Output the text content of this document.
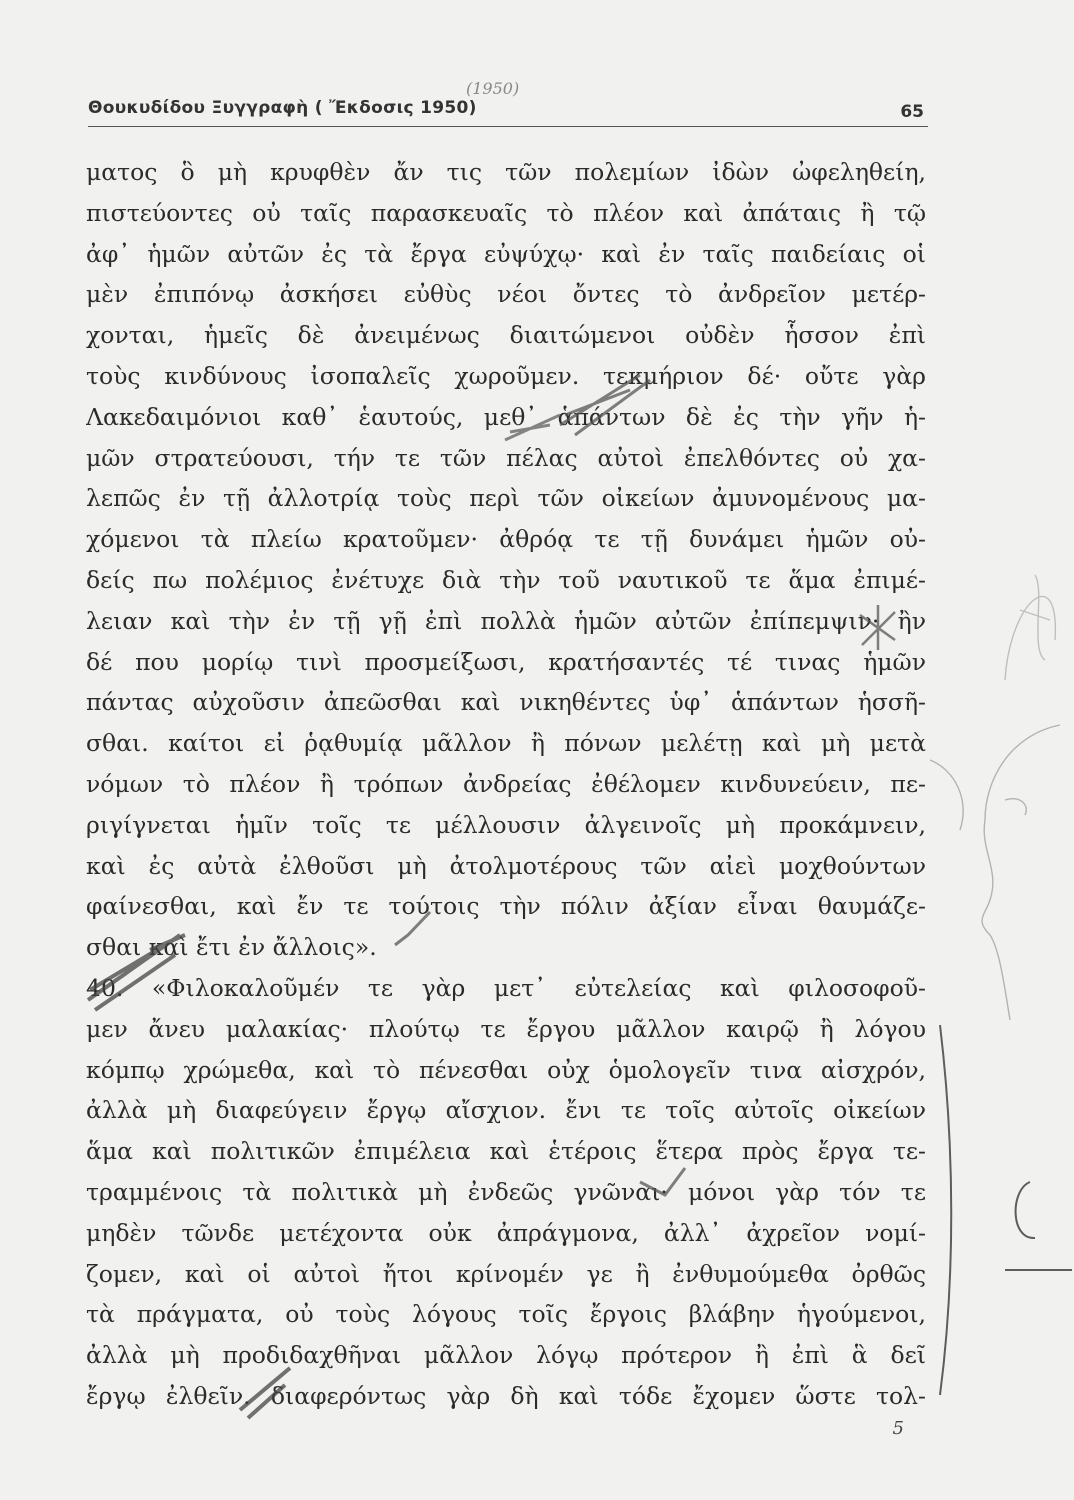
(1950)
Θουκυδίδου Ξυγγραφὴ ( Ἔκδοσις 1950)	65
ματος ὃ μὴ κρυφθὲν ἄν τις τῶν πολεμίων ἰδὼν ὠφεληθείη,
πιστεύοντες οὐ ταῖς παρασκευαῖς τὸ πλέον καὶ ἀπάταις ἢ τῷ
ἀφ᾽ ἡμῶν αὐτῶν ἐς τὰ ἔργα εὐψύχῳ· καὶ ἐν ταῖς παιδείαις οἱ
μὲν ἐπιπόνῳ ἀσκήσει εὐθὺς νέοι ὄντες τὸ ἀνδρεῖον μετέρ-
χονται, ἡμεῖς δὲ ἀνειμένως διαιτώμενοι οὐδὲν ἧσσον ἐπὶ
τοὺς κινδύνους ἰσοπαλεῖς χωροῦμεν. τεκμήριον δέ· οὔτε γὰρ
Λακεδαιμόνιοι καθ᾽ ἑαυτούς, μεθ᾽ ἁπάντων δὲ ἐς τὴν γῆν ἡ-
μῶν στρατεύουσι, τήν τε τῶν πέλας αὐτοὶ ἐπελθόντες οὐ χα-
λεπῶς ἐν τῇ ἀλλοτρίᾳ τοὺς περὶ τῶν οἰκείων ἀμυνομένους μα-
χόμενοι τὰ πλείω κρατοῦμεν· ἀθρόᾳ τε τῇ δυνάμει ἡμῶν οὐ-
δείς πω πολέμιος ἐνέτυχε διὰ τὴν τοῦ ναυτικοῦ τε ἅμα ἐπιμέ-
λειαν καὶ τὴν ἐν τῇ γῇ ἐπὶ πολλὰ ἡμῶν αὐτῶν ἐπίπεμψιν· ἢν
δέ που μορίῳ τινὶ προσμείξωσι, κρατήσαντές τέ τινας ἡμῶν
πάντας αὐχοῦσιν ἀπεῶσθαι καὶ νικηθέντες ὑφ᾽ ἁπάντων ἡσσῆ-
σθαι. καίτοι εἰ ῥᾳθυμίᾳ μᾶλλον ἢ πόνων μελέτῃ καὶ μὴ μετὰ
νόμων τὸ πλέον ἢ τρόπων ἀνδρείας ἐθέλομεν κινδυνεύειν, πε-
ριγίγνεται ἡμῖν τοῖς τε μέλλουσιν ἀλγεινοῖς μὴ προκάμνειν,
καὶ ἐς αὐτὰ ἐλθοῦσι μὴ ἀτολμοτέρους τῶν αἰεὶ μοχθούντων
φαίνεσθαι, καὶ ἔν τε τούτοις τὴν πόλιν ἀξίαν εἶναι θαυμάζε-
σθαι καὶ ἔτι ἐν ἄλλοις».
40. «Φιλοκαλοῦμέν τε γὰρ μετ᾽ εὐτελείας καὶ φιλοσοφοῦ-
μεν ἄνευ μαλακίας· πλούτῳ τε ἔργου μᾶλλον καιρῷ ἢ λόγου
κόμπῳ χρώμεθα, καὶ τὸ πένεσθαι οὐχ ὁμολογεῖν τινα αἰσχρόν,
ἀλλὰ μὴ διαφεύγειν ἔργῳ αἴσχιον. ἔνι τε τοῖς αὐτοῖς οἰκείων
ἅμα καὶ πολιτικῶν ἐπιμέλεια καὶ ἑτέροις ἕτερα πρὸς ἔργα τε-
τραμμένοις τὰ πολιτικὰ μὴ ἐνδεῶς γνῶναι· μόνοι γὰρ τόν τε
μηδὲν τῶνδε μετέχοντα οὐκ ἀπράγμονα, ἀλλ᾽ ἀχρεῖον νομί-
ζομεν, καὶ οἱ αὐτοὶ ἤτοι κρίνομέν γε ἢ ἐνθυμούμεθα ὀρθῶς
τὰ πράγματα, οὐ τοὺς λόγους τοῖς ἔργοις βλάβην ἡγούμενοι,
ἀλλὰ μὴ προδιδαχθῆναι μᾶλλον λόγῳ πρότερον ἢ ἐπὶ ἃ δεῖ
ἔργῳ ἐλθεῖν. διαφερόντως γὰρ δὴ καὶ τόδε ἔχομεν ὥστε τολ-
5
